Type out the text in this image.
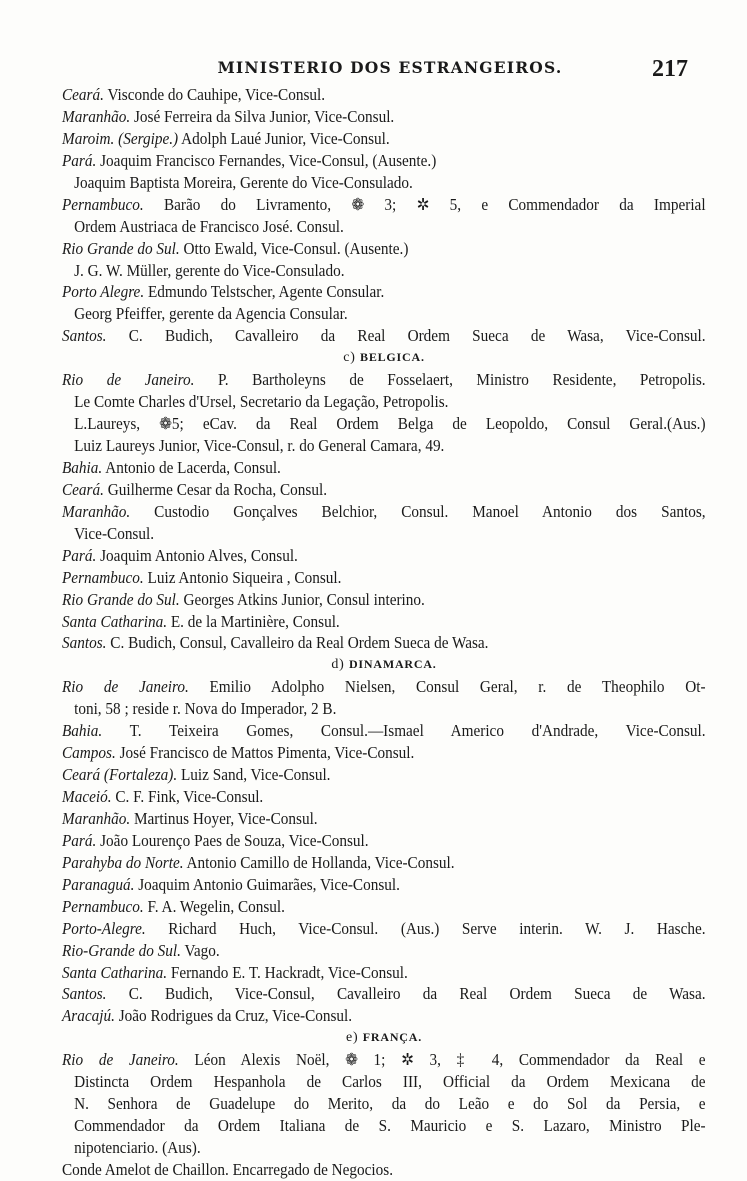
MINISTERIO DOS ESTRANGEIROS.	217
Ceará. Visconde do Cauhipe, Vice-Consul.
Maranhão. José Ferreira da Silva Junior, Vice-Consul.
Maroim. (Sergipe.) Adolph Laué Junior, Vice-Consul.
Pará. Joaquim Francisco Fernandes, Vice-Consul, (Ausente.)
Joaquim Baptista Moreira, Gerente do Vice-Consulado.
Pernambuco. Barão do Livramento, ❁ 3; ✲ 5, e Commendador da Imperial
Ordem Austriaca de Francisco José. Consul.
Rio Grande do Sul. Otto Ewald, Vice-Consul. (Ausente.)
J. G. W. Müller, gerente do Vice-Consulado.
Porto Alegre. Edmundo Telstscher, Agente Consular.
Georg Pfeiffer, gerente da Agencia Consular.
Santos. C. Budich, Cavalleiro da Real Ordem Sueca de Wasa, Vice-Consul.
c) BELGICA.
Rio de Janeiro. P. Bartholeyns de Fosselaert, Ministro Residente, Petropolis.
Le Comte Charles d'Ursel, Secretario da Legação, Petropolis.
L.Laureys, ❁5; eCav. da Real Ordem Belga de Leopoldo, Consul Geral.(Aus.)
Luiz Laureys Junior, Vice-Consul, r. do General Camara, 49.
Bahia. Antonio de Lacerda, Consul.
Ceará. Guilherme Cesar da Rocha, Consul.
Maranhão. Custodio Gonçalves Belchior, Consul. Manoel Antonio dos Santos,
Vice-Consul.
Pará. Joaquim Antonio Alves, Consul.
Pernambuco. Luiz Antonio Siqueira , Consul.
Rio Grande do Sul. Georges Atkins Junior, Consul interino.
Santa Catharina. E. de la Martinière, Consul.
Santos. C. Budich, Consul, Cavalleiro da Real Ordem Sueca de Wasa.
d) DINAMARCA.
Rio de Janeiro. Emilio Adolpho Nielsen, Consul Geral, r. de Theophilo Ot-
toni, 58 ; reside r. Nova do Imperador, 2 B.
Bahia. T. Teixeira Gomes, Consul.—Ismael Americo d'Andrade, Vice-Consul.
Campos. José Francisco de Mattos Pimenta, Vice-Consul.
Ceará (Fortaleza). Luiz Sand, Vice-Consul.
Maceió. C. F. Fink, Vice-Consul.
Maranhão. Martinus Hoyer, Vice-Consul.
Pará. João Lourenço Paes de Souza, Vice-Consul.
Parahyba do Norte. Antonio Camillo de Hollanda, Vice-Consul.
Paranaguá. Joaquim Antonio Guimarães, Vice-Consul.
Pernambuco. F. A. Wegelin, Consul.
Porto-Alegre. Richard Huch, Vice-Consul. (Aus.) Serve interin. W. J. Hasche.
Rio-Grande do Sul. Vago.
Santa Catharina. Fernando E. T. Hackradt, Vice-Consul.
Santos. C. Budich, Vice-Consul, Cavalleiro da Real Ordem Sueca de Wasa.
Aracajú. João Rodrigues da Cruz, Vice-Consul.
e) FRANÇA.
Rio de Janeiro. Léon Alexis Noël, ❁ 1; ✲ 3, ‡ 4, Commendador da Real e
Distincta Ordem Hespanhola de Carlos III, Official da Ordem Mexicana de
N. Senhora de Guadelupe do Merito, da do Leão e do Sol da Persia, e
Commendador da Ordem Italiana de S. Mauricio e S. Lazaro, Ministro Ple-
nipotenciario. (Aus).
Conde Amelot de Chaillon. Encarregado de Negocios.
